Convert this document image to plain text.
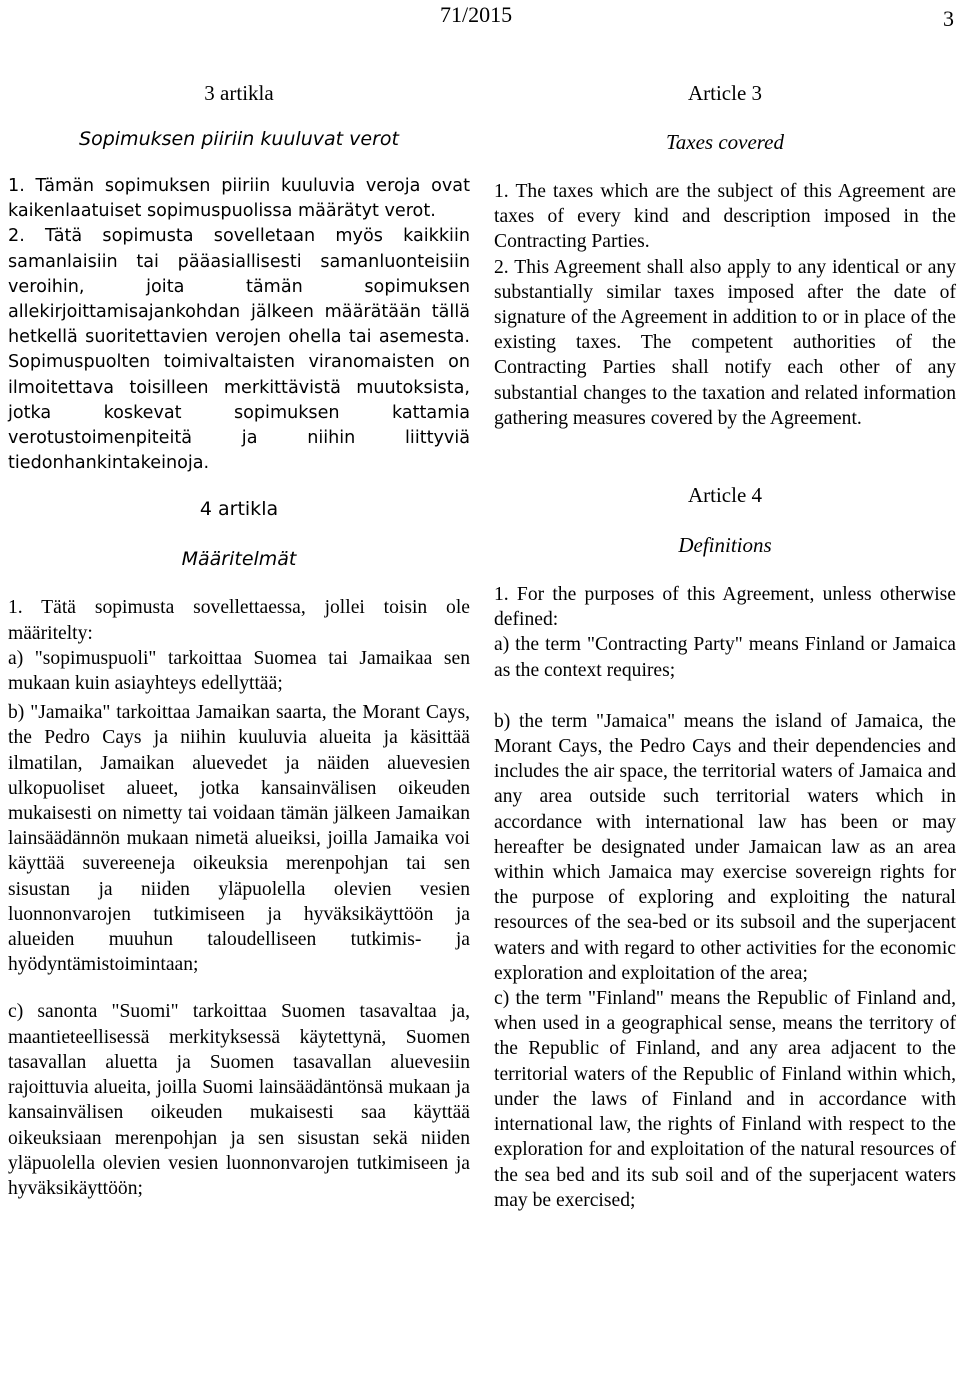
71/2015	3
3 artikla
Sopimuksen piiriin kuuluvat verot

1. Tämän sopimuksen piiriin kuuluvia veroja ovat kaikenlaatuiset sopimuspuolissa määrätyt verot.

2. Tätä sopimusta sovelletaan myös kaikkiin samanlaisiin tai pääasiallisesti samanluonteisiin veroihin, joita tämän sopimuksen allekirjoittamisajankohdan jälkeen määrätään tällä hetkellä suoritettavien verojen ohella tai asemesta. Sopimuspuolten toimivaltaisten viranomaisten on ilmoitettava toisilleen merkittävistä muutoksista, jotka koskevat sopimuksen kattamia verotustoimenpiteitä ja niihin liittyviä tiedonhankintakeinoja.

4 artikla
Määritelmät

1. Tätä sopimusta sovellettaessa, jollei toisin ole määritelty:

a) "sopimuspuoli" tarkoittaa Suomea tai Jamaikaa sen mukaan kuin asiayhteys edellyttää;

b) "Jamaika" tarkoittaa Jamaikan saarta, the Morant Cays, the Pedro Cays ja niihin kuuluvia alueita ja käsittää ilmatilan, Jamaikan aluevedet ja näiden aluevesien ulkopuoliset alueet, jotka kansainvälisen oikeuden mukaisesti on nimetty tai voidaan tämän jälkeen Jamaikan lainsäädännön mukaan nimetä alueiksi, joilla Jamaika voi käyttää suvereeneja oikeuksia merenpohjan tai sen sisustan ja niiden yläpuolella olevien vesien luonnonvarojen tutkimiseen ja hyväksikäyttöön ja alueiden muuhun taloudelliseen tutkimis- ja hyödyntämistoimintaan;

c) sanonta "Suomi" tarkoittaa Suomen tasavaltaa ja, maantieteellisessä merkityksessä käytettynä, Suomen tasavallan aluetta ja Suomen tasavallan aluevesiin rajoittuvia alueita, joilla Suomi lainsäädäntönsä mukaan ja kansainvälisen oikeuden mukaisesti saa käyttää oikeuksiaan merenpohjan ja sen sisustan sekä niiden yläpuolella olevien vesien luonnonvarojen tutkimiseen ja hyväksikäyttöön;

Article 3
Taxes covered

1. The taxes which are the subject of this Agreement are taxes of every kind and description imposed in the Contracting Parties.

2. This Agreement shall also apply to any identical or any substantially similar taxes imposed after the date of signature of the Agreement in addition to or in place of the existing taxes. The competent authorities of the Contracting Parties shall notify each other of any substantial changes to the taxation and related information gathering measures covered by the Agreement.

Article 4
Definitions

1. For the purposes of this Agreement, unless otherwise defined:

a) the term "Contracting Party" means Finland or Jamaica as the context requires;

b) the term "Jamaica" means the island of Jamaica, the Morant Cays, the Pedro Cays and their dependencies and includes the air space, the territorial waters of Jamaica and any area outside such territorial waters which in accordance with international law has been or may hereafter be designated under Jamaican law as an area within which Jamaica may exercise sovereign rights for the purpose of exploring and exploiting the natural resources of the sea-bed or its subsoil and the superjacent waters and with regard to other activities for the economic exploration and exploitation of the area;

c) the term "Finland" means the Republic of Finland and, when used in a geographical sense, means the territory of the Republic of Finland, and any area adjacent to the territorial waters of the Republic of Finland within which, under the laws of Finland and in accordance with international law, the rights of Finland with respect to the exploration for and exploitation of the natural resources of the sea bed and its sub soil and of the superjacent waters may be exercised;
